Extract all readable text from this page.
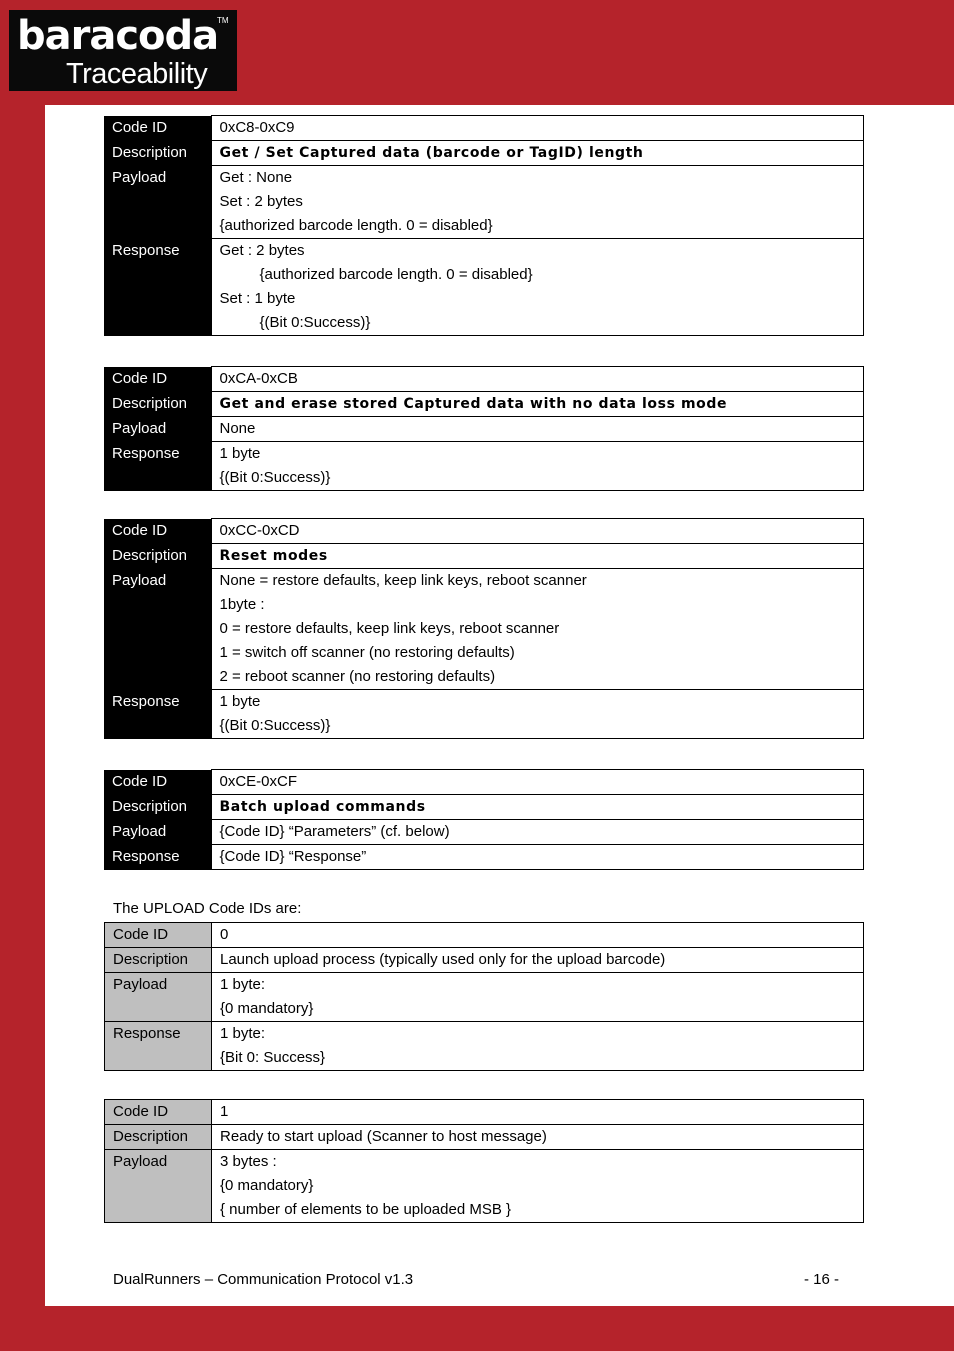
baracoda
TM
Traceability
Code ID	0xC8-0xC9
Description	Get / Set Captured data (barcode or TagID) length
Payload	Get : None
Set : 2 bytes
{authorized barcode length. 0 = disabled}

Response	Get : 2 bytes
{authorized barcode length. 0 = disabled}
Set : 1 byte
{(Bit 0:Success)}
Code ID	0xCA-0xCB
Description	Get and erase stored Captured data with no data loss mode
Payload	None
Response	1 byte
{(Bit 0:Success)}
Code ID	0xCC-0xCD
Description	Reset modes
Payload	None = restore defaults, keep link keys, reboot scanner
1byte :
0 = restore defaults, keep link keys, reboot scanner
1 = switch off scanner (no restoring defaults)
2 = reboot scanner (no restoring defaults)

Response	1 byte
{(Bit 0:Success)}
Code ID	0xCE-0xCF
Description	Batch upload commands
Payload	{Code ID} “Parameters” (cf. below)
Response	{Code ID} “Response”
The UPLOAD Code IDs are:
Code ID	0
Description	Launch upload process (typically used only for the upload barcode)
Payload	1 byte:
{0 mandatory}

Response	1 byte:
{Bit 0: Success}
Code ID	1
Description	Ready to start upload (Scanner to host message)
Payload	3 bytes :
{0 mandatory}
{ number of elements to be uploaded MSB }
DualRunners – Communication Protocol v1.3	- 16 -
